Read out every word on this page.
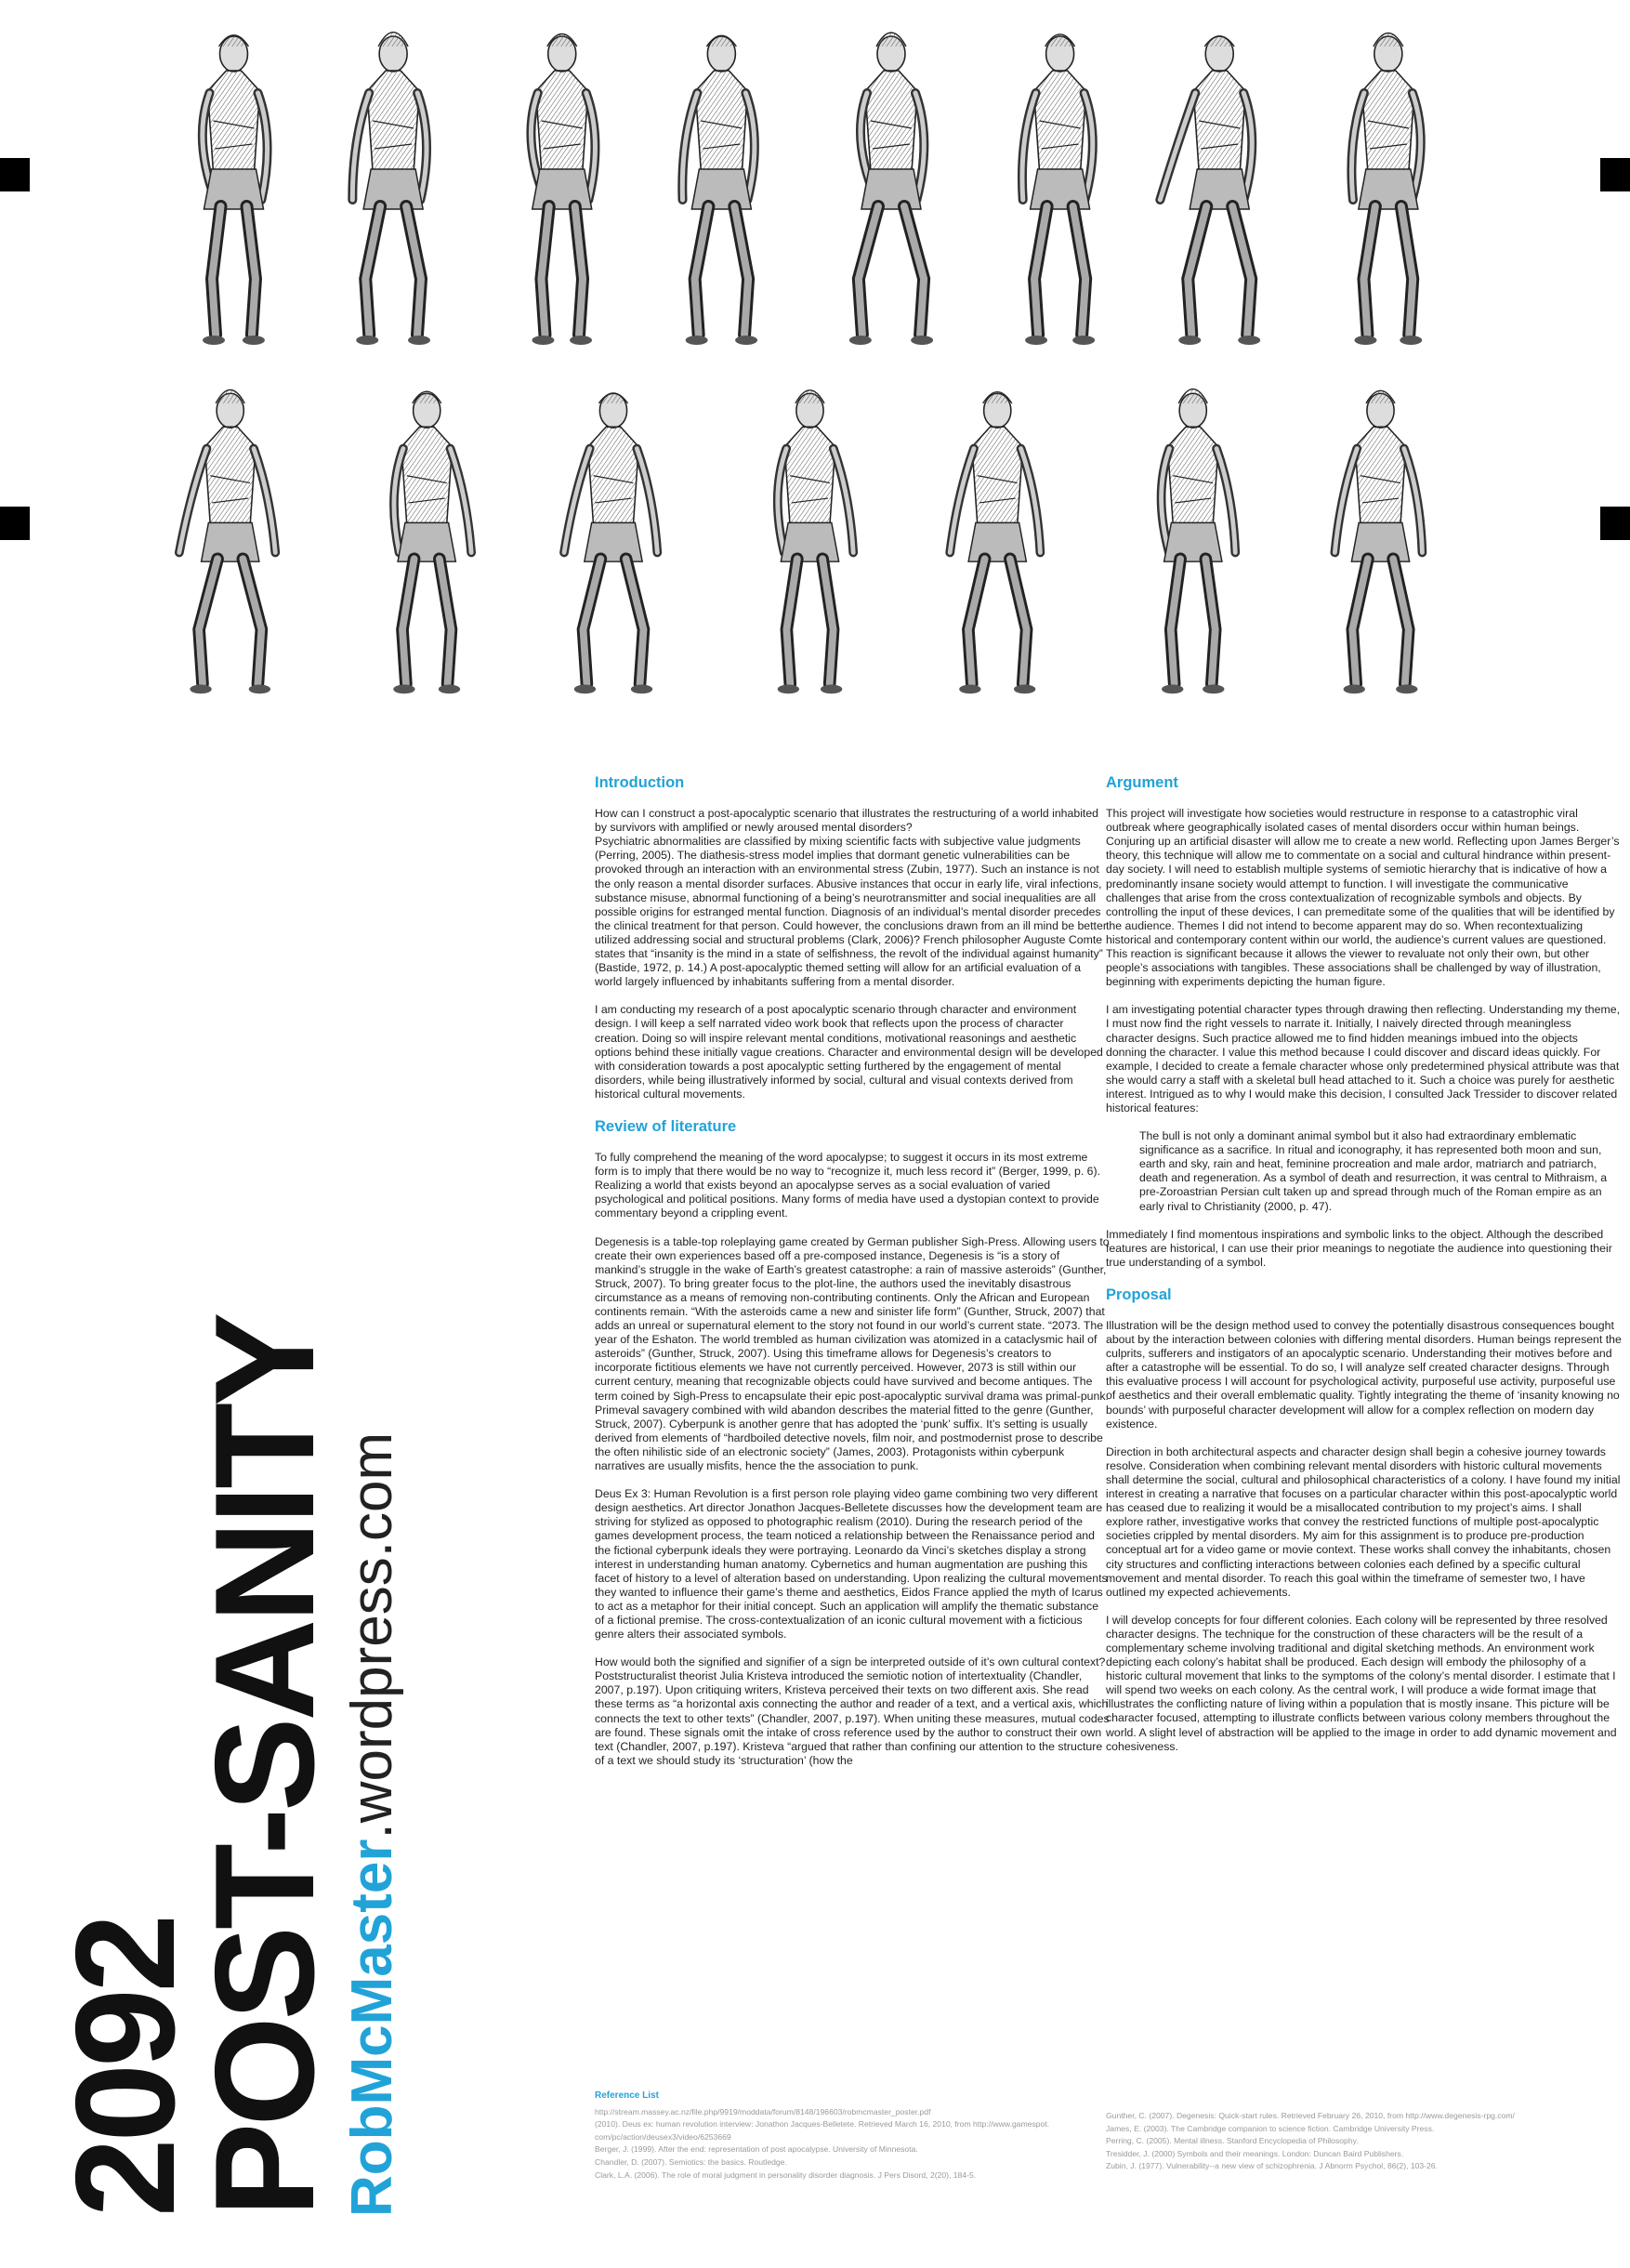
2092
POST-SANITY
RobMcMaster.wordpress.com
Introduction

How can I construct a post-apocalyptic scenario that illustrates the restructuring of a world inhabited by survivors with amplified or newly aroused mental disorders?

Psychiatric abnormalities are classified by mixing scientific facts with subjective value judgments (Perring, 2005). The diathesis-stress model implies that dormant genetic vulnerabilities can be provoked through an interaction with an environmental stress (Zubin, 1977). Such an instance is not the only reason a mental disorder surfaces. Abusive instances that occur in early life, viral infections, substance misuse, abnormal functioning of a being’s neurotransmitter and social inequalities are all possible origins for estranged mental function. Diagnosis of an individual’s mental disorder precedes the clinical treatment for that person. Could however, the conclusions drawn from an ill mind be better utilized addressing social and structural problems (Clark, 2006)? French philosopher Auguste Comte states that “insanity is the mind in a state of selfishness, the revolt of the individual against humanity” (Bastide, 1972, p. 14.) A post-apocalyptic themed setting will allow for an artificial evaluation of a world largely influenced by inhabitants suffering from a mental disorder.

I am conducting my research of a post apocalyptic scenario through character and environment design. I will keep a self narrated video work book that reflects upon the process of character creation. Doing so will inspire relevant mental conditions, motivational reasonings and aesthetic options behind these initially vague creations. Character and environmental design will be developed with consideration towards a post apocalyptic setting furthered by the engagement of mental disorders, while being illustratively informed by social, cultural and visual contexts derived from historical cultural movements.

Review of literature

To fully comprehend the meaning of the word apocalypse; to suggest it occurs in its most extreme form is to imply that there would be no way to “recognize it, much less record it” (Berger, 1999, p. 6). Realizing a world that exists beyond an apocalypse serves as a social evaluation of varied psychological and political positions. Many forms of media have used a dystopian context to provide commentary beyond a crippling event.

Degenesis is a table-top roleplaying game created by German publisher Sigh-Press. Allowing users to create their own experiences based off a pre-composed instance, Degenesis is “is a story of mankind’s struggle in the wake of Earth’s greatest catastrophe: a rain of massive asteroids” (Gunther, Struck, 2007). To bring greater focus to the plot-line, the authors used the inevitably disastrous circumstance as a means of removing non-contributing continents. Only the African and European continents remain. “With the asteroids came a new and sinister life form” (Gunther, Struck, 2007) that adds an unreal or supernatural element to the story not found in our world’s current state. “2073. The year of the Eshaton. The world trembled as human civilization was atomized in a cataclysmic hail of asteroids” (Gunther, Struck, 2007). Using this timeframe allows for Degenesis’s creators to incorporate fictitious elements we have not currently perceived. However, 2073 is still within our current century, meaning that recognizable objects could have survived and become antiques. The term coined by Sigh-Press to encapsulate their epic post-apocalyptic survival drama was primal-punk. Primeval savagery combined with wild abandon describes the material fitted to the genre (Gunther, Struck, 2007). Cyberpunk is another genre that has adopted the ‘punk’ suffix. It’s setting is usually derived from elements of “hardboiled detective novels, film noir, and postmodernist prose to describe the often nihilistic side of an electronic society” (James, 2003). Protagonists within cyberpunk narratives are usually misfits, hence the the association to punk.

Deus Ex 3: Human Revolution is a first person role playing video game combining two very different design aesthetics. Art director Jonathon Jacques-Belletete discusses how the development team are striving for stylized as opposed to photographic realism (2010). During the research period of the games development process, the team noticed a relationship between the Renaissance period and the fictional cyberpunk ideals they were portraying. Leonardo da Vinci’s sketches display a strong interest in understanding human anatomy. Cybernetics and human augmentation are pushing this facet of history to a level of alteration based on understanding. Upon realizing the cultural movements they wanted to influence their game’s theme and aesthetics, Eidos France applied the myth of Icarus to act as a metaphor for their initial concept. Such an application will amplify the thematic substance of a fictional premise. The cross-contextualization of an iconic cultural movement with a ficticious genre alters their associated symbols.

How would both the signified and signifier of a sign be interpreted outside of it’s own cultural context? Poststructuralist theorist Julia Kristeva introduced the semiotic notion of intertextuality (Chandler, 2007, p.197). Upon critiquing writers, Kristeva perceived their texts on two different axis. She read these terms as “a horizontal axis connecting the author and reader of a text, and a vertical axis, which connects the text to other texts” (Chandler, 2007, p.197). When uniting these measures, mutual codes are found. These signals omit the intake of cross reference used by the author to construct their own text (Chandler, 2007, p.197). Kristeva “argued that rather than confining our attention to the structure of a text we should study its ‘structuration’ (how the

Argument

This project will investigate how societies would restructure in response to a catastrophic viral outbreak where geographically isolated cases of mental disorders occur within human beings. Conjuring up an artificial disaster will allow me to create a new world. Reflecting upon James Berger’s theory, this technique will allow me to commentate on a social and cultural hindrance within present-day society. I will need to establish multiple systems of semiotic hierarchy that is indicative of how a predominantly insane society would attempt to function. I will investigate the communicative challenges that arise from the cross contextualization of recognizable symbols and objects. By controlling the input of these devices, I can premeditate some of the qualities that will be identified by the audience. Themes I did not intend to become apparent may do so. When recontextualizing historical and contemporary content within our world, the audience’s current values are questioned. This reaction is significant because it allows the viewer to revaluate not only their own, but other people’s associations with tangibles. These associations shall be challenged by way of illustration, beginning with experiments depicting the human figure.

I am investigating potential character types through drawing then reflecting. Understanding my theme, I must now find the right vessels to narrate it. Initially, I naively directed through meaningless character designs. Such practice allowed me to find hidden meanings imbued into the objects donning the character. I value this method because I could discover and discard ideas quickly. For example, I decided to create a female character whose only predetermined physical attribute was that she would carry a staff with a skeletal bull head attached to it. Such a choice was purely for aesthetic interest. Intrigued as to why I would make this decision, I consulted Jack Tressider to discover related historical features:

The bull is not only a dominant animal symbol but it also had extraordinary emblematic significance as a sacrifice. In ritual and iconography, it has represented both moon and sun, earth and sky, rain and heat, feminine procreation and male ardor, matriarch and patriarch, death and regeneration. As a symbol of death and resurrection, it was central to Mithraism, a pre-Zoroastrian Persian cult taken up and spread through much of the Roman empire as an early rival to Christianity (2000, p. 47).

Immediately I find momentous inspirations and symbolic links to the object. Although the described features are historical, I can use their prior meanings to negotiate the audience into questioning their true understanding of a symbol.

Proposal

Illustration will be the design method used to convey the potentially disastrous consequences bought about by the interaction between colonies with differing mental disorders. Human beings represent the culprits, sufferers and instigators of an apocalyptic scenario. Understanding their motives before and after a catastrophe will be essential. To do so, I will analyze self created character designs. Through this evaluative process I will account for psychological activity, purposeful use activity, purposeful use of aesthetics and their overall emblematic quality. Tightly integrating the theme of ‘insanity knowing no bounds’ with purposeful character development will allow for a complex reflection on modern day existence.

Direction in both architectural aspects and character design shall begin a cohesive journey towards resolve. Consideration when combining relevant mental disorders with historic cultural movements shall determine the social, cultural and philosophical characteristics of a colony. I have found my initial interest in creating a narrative that focuses on a particular character within this post-apocalyptic world has ceased due to realizing it would be a misallocated contribution to my project’s aims. I shall explore rather, investigative works that convey the restricted functions of multiple post-apocalyptic societies crippled by mental disorders. My aim for this assignment is to produce pre-production conceptual art for a video game or movie context. These works shall convey the inhabitants, chosen city structures and conflicting interactions between colonies each defined by a specific cultural movement and mental disorder. To reach this goal within the timeframe of semester two, I have outlined my expected achievements.

I will develop concepts for four different colonies. Each colony will be represented by three resolved character designs. The technique for the construction of these characters will be the result of a complementary scheme involving traditional and digital sketching methods. An environment work depicting each colony’s habitat shall be produced. Each design will embody the philosophy of a historic cultural movement that links to the symptoms of the colony’s mental disorder. I estimate that I will spend two weeks on each colony. As the central work, I will produce a wide format image that illustrates the conflicting nature of living within a population that is mostly insane. This picture will be character focused, attempting to illustrate conflicts between various colony members throughout the world. A slight level of abstraction will be applied to the image in order to add dynamic movement and cohesiveness.

Reference List
http://stream.massey.ac.nz/file.php/9919/moddata/forum/8148/196603/robmcmaster_poster.pdf
(2010). Deus ex: human revolution interview: Jonathon Jacques-Belletete. Retrieved March 16, 2010, from http://www.gamespot.
com/pc/action/deusex3/video/6253669
Berger, J. (1999). After the end: representation of post apocalypse. University of Minnesota.
Chandler, D. (2007). Semiotics: the basics. Routledge.
Clark, L.A. (2006). The role of moral judgment in personality disorder diagnosis. J Pers Disord, 2(20), 184-5.
Gunther, C. (2007). Degenesis: Quick-start rules. Retrieved February 26, 2010, from http://www.degenesis-rpg.com/
James, E. (2003). The Cambridge companion to science fiction. Cambridge University Press.
Perring, C. (2005). Mental illness. Stanford Encyclopedia of Philosophy.
Tresidder, J. (2000) Symbols and their meanings. London: Duncan Baird Publishers.
Zubin, J. (1977). Vulnerability--a new view of schizophrenia. J Abnorm Psychol, 86(2), 103-26.
